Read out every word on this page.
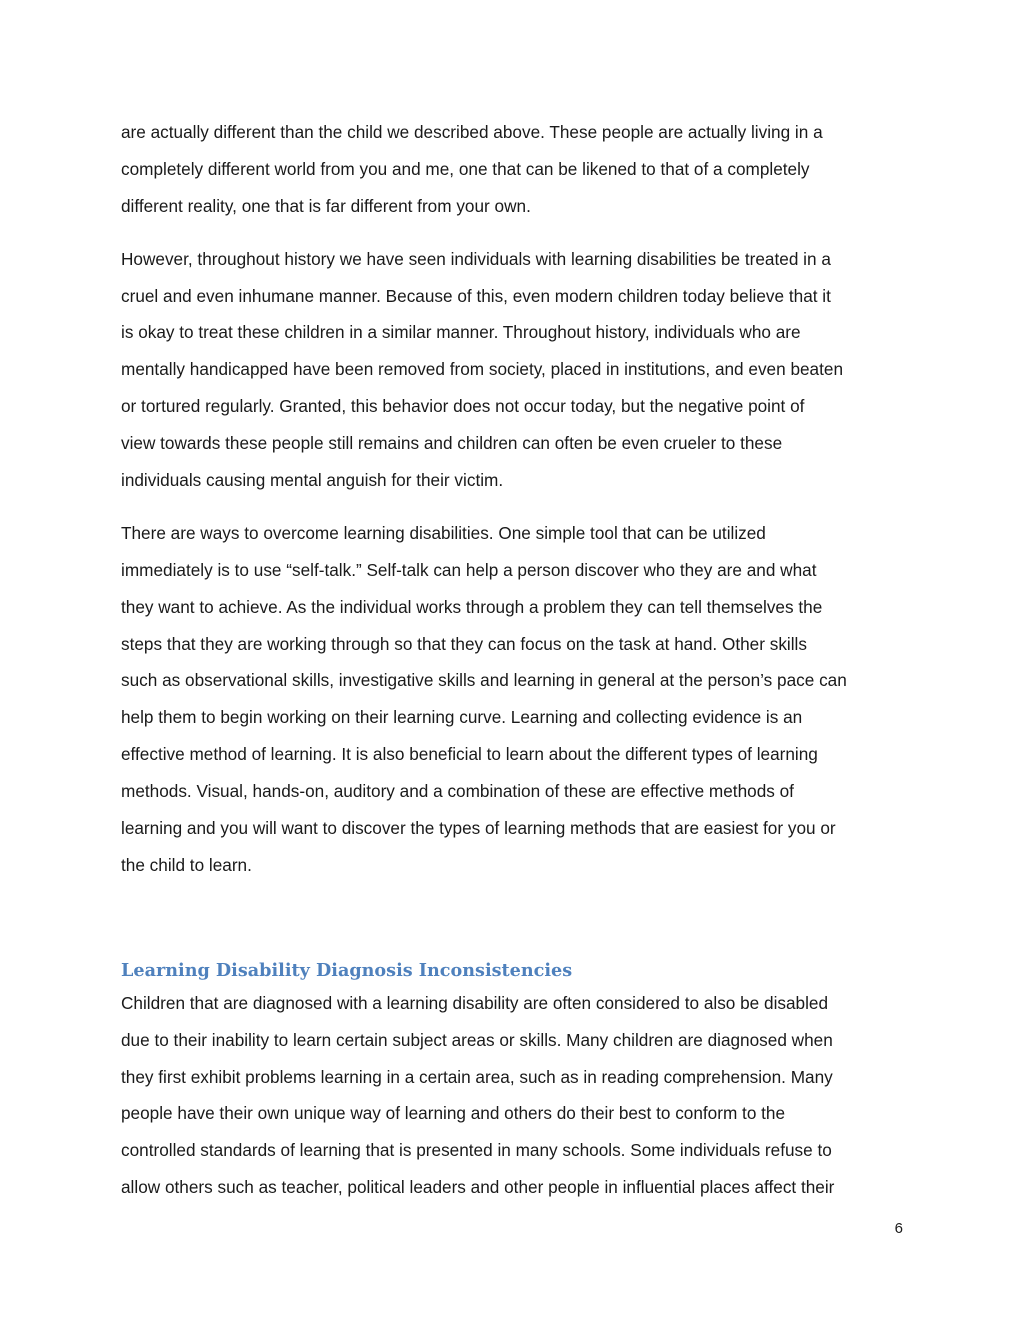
are actually different than the child we described above. These people are actually living in a
completely different world from you and me, one that can be likened to that of a completely
different reality, one that is far different from your own.
However, throughout history we have seen individuals with learning disabilities be treated in a
cruel and even inhumane manner. Because of this, even modern children today believe that it
is okay to treat these children in a similar manner. Throughout history, individuals who are
mentally handicapped have been removed from society, placed in institutions, and even beaten
or tortured regularly. Granted, this behavior does not occur today, but the negative point of
view towards these people still remains and children can often be even crueler to these
individuals causing mental anguish for their victim.
There are ways to overcome learning disabilities. One simple tool that can be utilized
immediately is to use “self-talk.” Self-talk can help a person discover who they are and what
they want to achieve. As the individual works through a problem they can tell themselves the
steps that they are working through so that they can focus on the task at hand. Other skills
such as observational skills, investigative skills and learning in general at the person’s pace can
help them to begin working on their learning curve. Learning and collecting evidence is an
effective method of learning. It is also beneficial to learn about the different types of learning
methods. Visual, hands-on, auditory and a combination of these are effective methods of
learning and you will want to discover the types of learning methods that are easiest for you or
the child to learn.
Learning Disability Diagnosis Inconsistencies
Children that are diagnosed with a learning disability are often considered to also be disabled
due to their inability to learn certain subject areas or skills. Many children are diagnosed when
they first exhibit problems learning in a certain area, such as in reading comprehension. Many
people have their own unique way of learning and others do their best to conform to the
controlled standards of learning that is presented in many schools. Some individuals refuse to
allow others such as teacher, political leaders and other people in influential places affect their
6
